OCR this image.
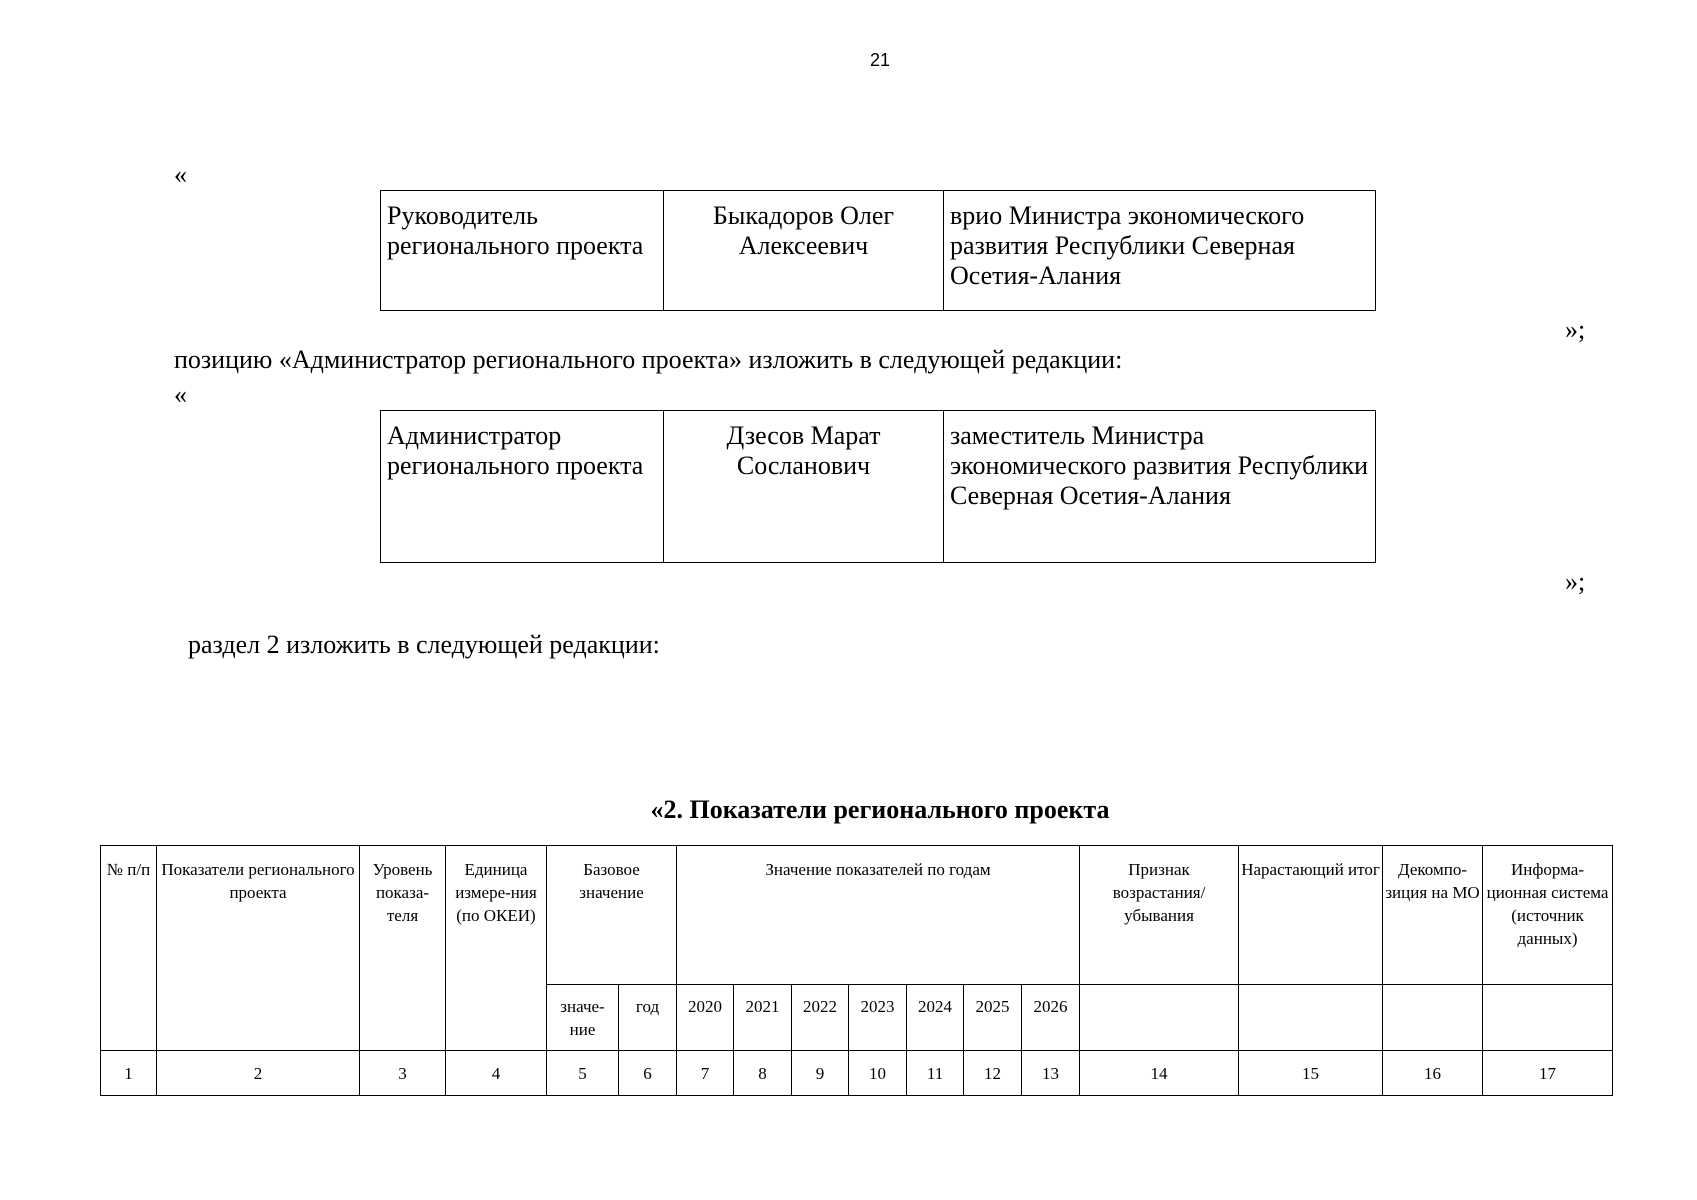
21
«
Руководитель регионального проекта	Быкадоров Олег Алексеевич	врио Министра экономического развития Республики Северная Осетия-Алания
»;
позицию «Администратор регионального проекта» изложить в следующей редакции:
«
Администратор регионального проекта	Дзесов Марат Сосланович	заместитель Министра экономического развития Республики Северная Осетия-Алания
»;
раздел 2 изложить в следующей редакции:
«2. Показатели регионального проекта
№ п/п	Показатели регионального проекта	Уровень показа-теля	Единица измере-ния (по ОКЕИ)	Базовое значение		Значение показателей по годам							Признак возрастания/ убывания	Нарастающий итог	Декомпо-зиция на МО	Информа-ционная система (источник данных)
				значе-ние	год	2020	2021	2022	2023	2024	2025	2026				
1	2	3	4	5	6	7	8	9	10	11	12	13	14	15	16	17
